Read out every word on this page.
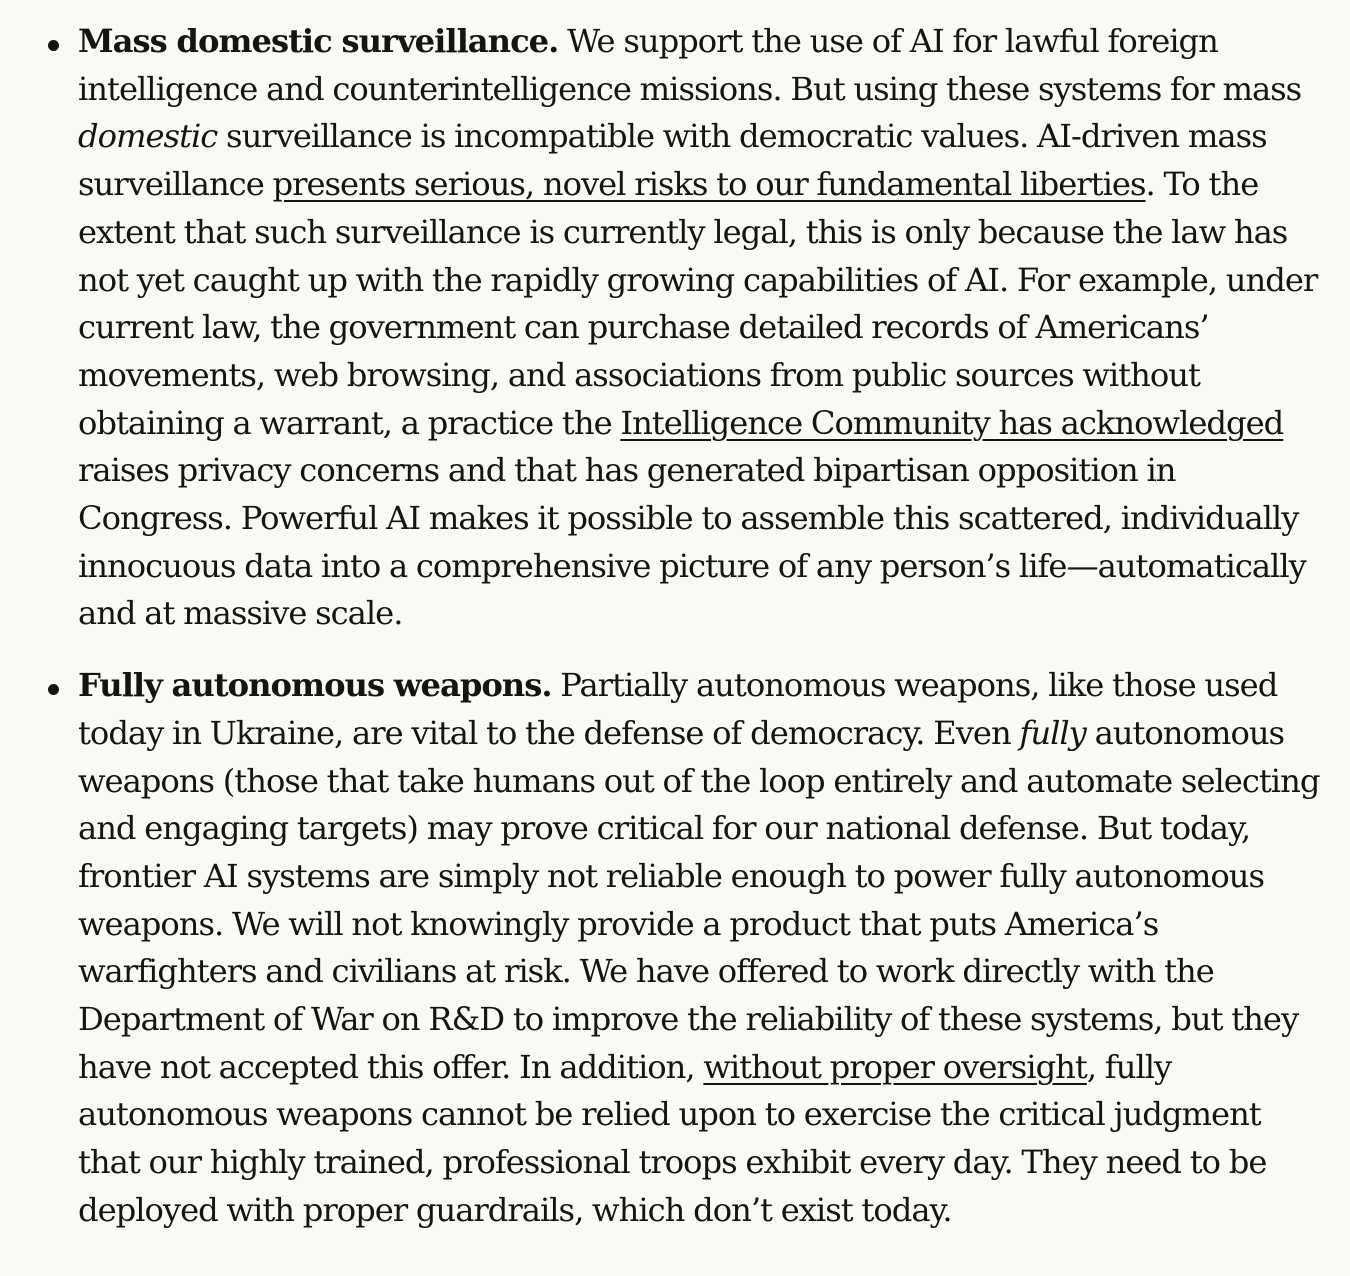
Mass domestic surveillance. We support the use of AI for lawful foreign intelligence and counterintelligence missions. But using these systems for mass domestic surveillance is incompatible with democratic values. AI-driven mass surveillance presents serious, novel risks to our fundamental liberties. To the extent that such surveillance is currently legal, this is only because the law has not yet caught up with the rapidly growing capabilities of AI. For example, under current law, the government can purchase detailed records of Americans’ movements, web browsing, and associations from public sources without obtaining a warrant, a practice the Intelligence Community has acknowledged raises privacy concerns and that has generated bipartisan opposition in Congress. Powerful AI makes it possible to assemble this scattered, individually innocuous data into a comprehensive picture of any person’s life—automatically and at massive scale.
Fully autonomous weapons. Partially autonomous weapons, like those used today in Ukraine, are vital to the defense of democracy. Even fully autonomous weapons (those that take humans out of the loop entirely and automate selecting and engaging targets) may prove critical for our national defense. But today, frontier AI systems are simply not reliable enough to power fully autonomous weapons. We will not knowingly provide a product that puts America’s warfighters and civilians at risk. We have offered to work directly with the Department of War on R&D to improve the reliability of these systems, but they have not accepted this offer. In addition, without proper oversight, fully autonomous weapons cannot be relied upon to exercise the critical judgment that our highly trained, professional troops exhibit every day. They need to be deployed with proper guardrails, which don’t exist today.
